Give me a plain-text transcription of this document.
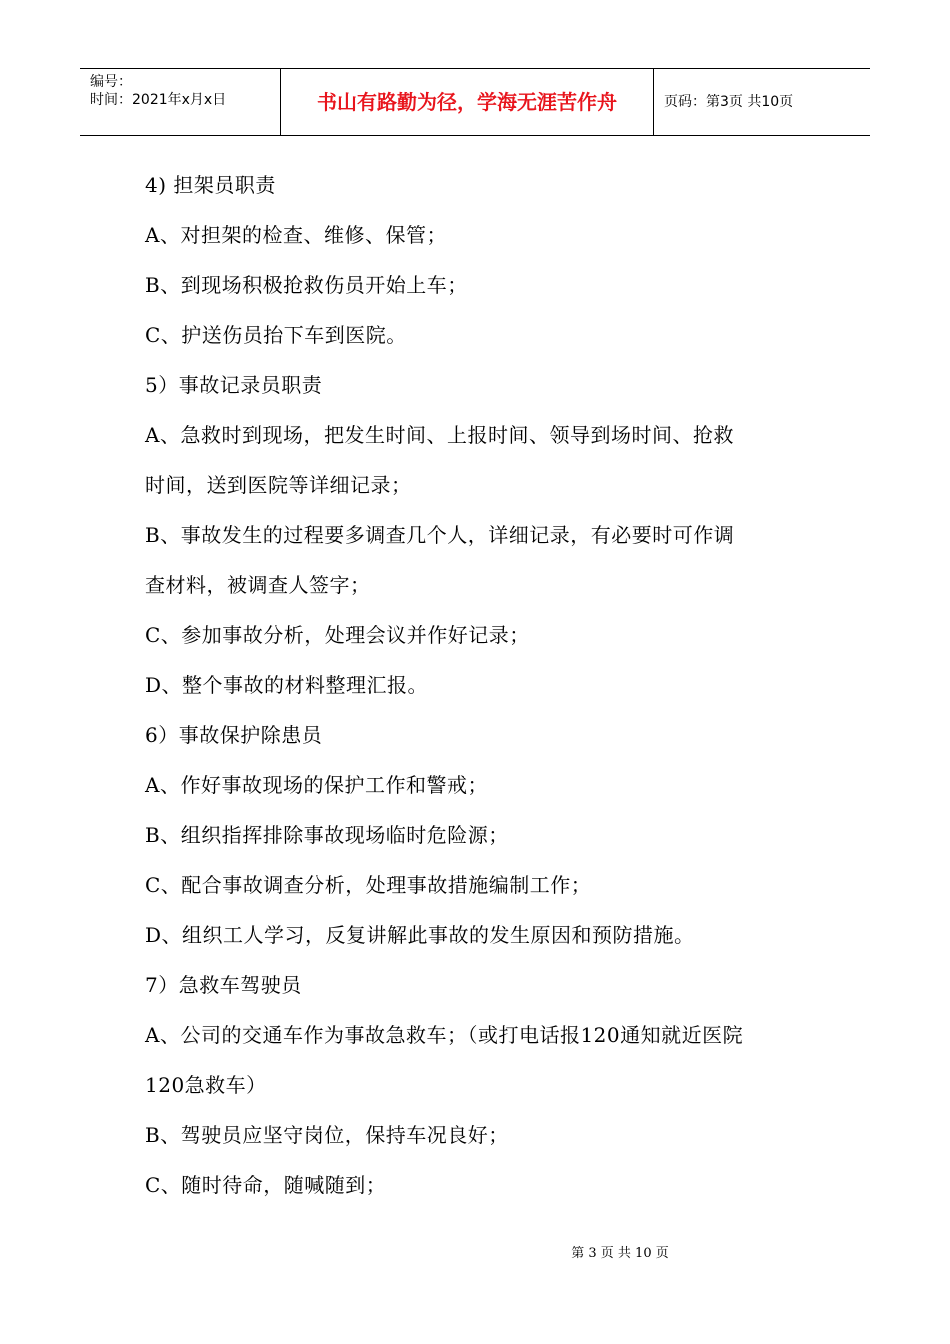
编号：
时间：2021年x月x日	书山有路勤为径，学海无涯苦作舟	页码：第3页 共10页
4) 担架员职责
A、对担架的检查、维修、保管；
B、到现场积极抢救伤员开始上车；
C、护送伤员抬下车到医院。
5）事故记录员职责
A、急救时到现场，把发生时间、上报时间、领导到场时间、抢救
时间，送到医院等详细记录；
B、事故发生的过程要多调查几个人，详细记录，有必要时可作调
查材料，被调查人签字；
C、参加事故分析，处理会议并作好记录；
D、整个事故的材料整理汇报。
6）事故保护除患员
A、作好事故现场的保护工作和警戒；
B、组织指挥排除事故现场临时危险源；
C、配合事故调查分析，处理事故措施编制工作；
D、组织工人学习，反复讲解此事故的发生原因和预防措施。
7）急救车驾驶员
A、公司的交通车作为事故急救车；（或打电话报120通知就近医院
120急救车）
B、驾驶员应坚守岗位，保持车况良好；
C、随时待命，随喊随到；
第 3 页 共 10 页
